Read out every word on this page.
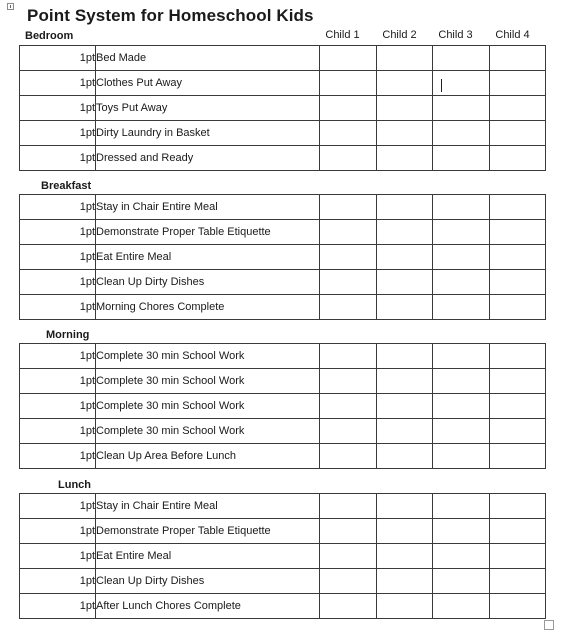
Point System for Homeschool Kids
Child 1	Child 2	Child 3	Child 4
Bedroom
1pt	Bed Made				
1pt	Clothes Put Away				
1pt	Toys Put Away				
1pt	Dirty Laundry in Basket				
1pt	Dressed and Ready				
Breakfast
1pt	Stay in Chair Entire Meal				
1pt	Demonstrate Proper Table Etiquette				
1pt	Eat Entire Meal				
1pt	Clean Up Dirty Dishes				
1pt	Morning Chores Complete				
Morning
1pt	Complete 30 min School Work				
1pt	Complete 30 min School Work				
1pt	Complete 30 min School Work				
1pt	Complete 30 min School Work				
1pt	Clean Up Area Before Lunch				
Lunch
1pt	Stay in Chair Entire Meal				
1pt	Demonstrate Proper Table Etiquette				
1pt	Eat Entire Meal				
1pt	Clean Up Dirty Dishes				
1pt	After Lunch Chores Complete				
